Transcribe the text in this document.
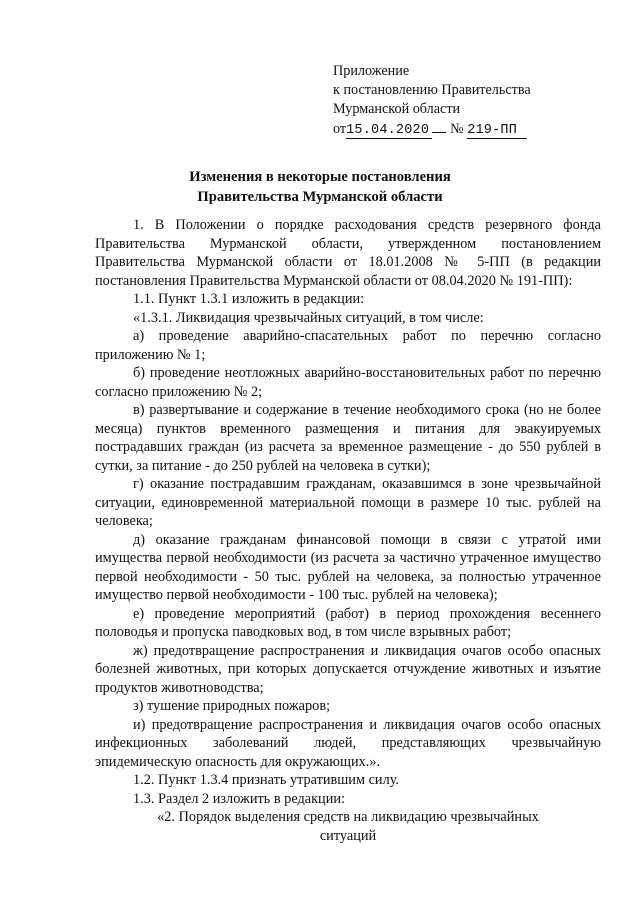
Приложение
к постановлению Правительства
Мурманской области
от15.04.2020 № 219-ПП
Изменения в некоторые постановления
Правительства Мурманской области

1. В Положении о порядке расходования средств резервного фонда Правительства Мурманской области, утвержденном постановлением Правительства Мурманской области от 18.01.2008 № 5-ПП (в редакции постановления Правительства Мурманской области от 08.04.2020 № 191-ПП):

1.1. Пункт 1.3.1 изложить в редакции:

«1.3.1. Ликвидация чрезвычайных ситуаций, в том числе:

а) проведение аварийно-спасательных работ по перечню согласно приложению № 1;

б) проведение неотложных аварийно-восстановительных работ по перечню согласно приложению № 2;

в) развертывание и содержание в течение необходимого срока (но не более месяца) пунктов временного размещения и питания для эвакуируемых пострадавших граждан (из расчета за временное размещение - до 550 рублей в сутки, за питание - до 250 рублей на человека в сутки);

г) оказание пострадавшим гражданам, оказавшимся в зоне чрезвычайной ситуации, единовременной материальной помощи в размере 10 тыс. рублей на человека;

д) оказание гражданам финансовой помощи в связи с утратой ими имущества первой необходимости (из расчета за частично утраченное имущество первой необходимости - 50 тыс. рублей на человека, за полностью утраченное имущество первой необходимости - 100 тыс. рублей на человека);

е) проведение мероприятий (работ) в период прохождения весеннего половодья и пропуска паводковых вод, в том числе взрывных работ;

ж) предотвращение распространения и ликвидация очагов особо опасных болезней животных, при которых допускается отчуждение животных и изъятие продуктов животноводства;

з) тушение природных пожаров;

и) предотвращение распространения и ликвидация очагов особо опасных инфекционных заболеваний людей, представляющих чрезвычайную эпидемическую опасность для окружающих.».

1.2. Пункт 1.3.4 признать утратившим силу.

1.3. Раздел 2 изложить в редакции:

«2. Порядок выделения средств на ликвидацию чрезвычайных
ситуаций
